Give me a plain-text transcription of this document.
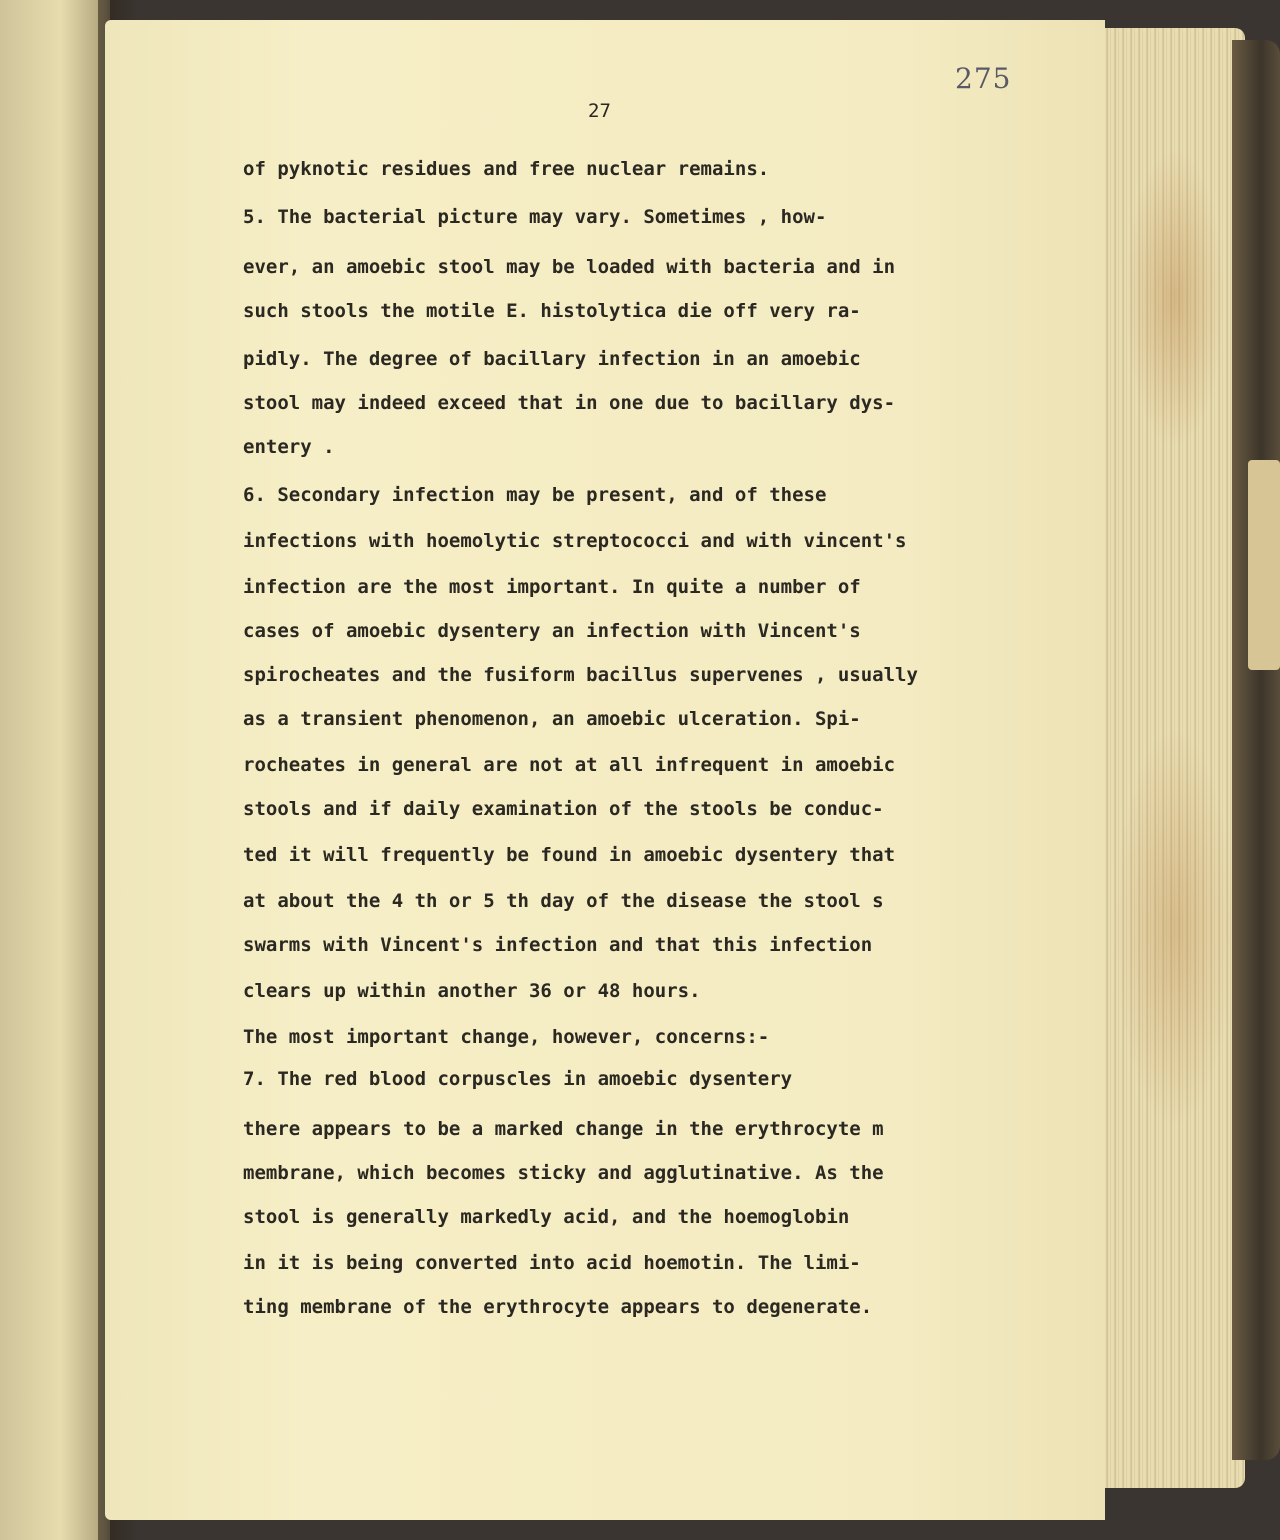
275
27
of pyknotic residues and free nuclear remains.
5. The bacterial picture may vary. Sometimes , how-
ever, an amoebic stool may be loaded with bacteria and in
such stools the motile E. histolytica die off very ra-
pidly. The degree of bacillary infection in an amoebic
stool may indeed exceed that in one due to bacillary dys-
entery .
6. Secondary infection may be present, and of these
infections with hoemolytic streptococci and with vincent's
infection are the most important. In quite a number of
cases of amoebic dysentery an infection with Vincent's
spirocheates and the fusiform bacillus supervenes , usually
as a transient phenomenon, an amoebic ulceration. Spi-
rocheates in general are not at all infrequent in amoebic
stools and if daily examination of the stools be conduc-
ted it will frequently be found in amoebic dysentery that
at about the 4 th or 5 th day of the disease the stool s
swarms with Vincent's infection and that this infection
clears up within another 36 or 48 hours.
The most important change, however, concerns:-
7. The red blood corpuscles in amoebic dysentery
there appears to be a marked change in the erythrocyte m
membrane, which becomes sticky and agglutinative. As the
stool is generally markedly acid, and the hoemoglobin
in it is being converted into acid hoemotin. The limi-
ting membrane of the erythrocyte appears to degenerate.
